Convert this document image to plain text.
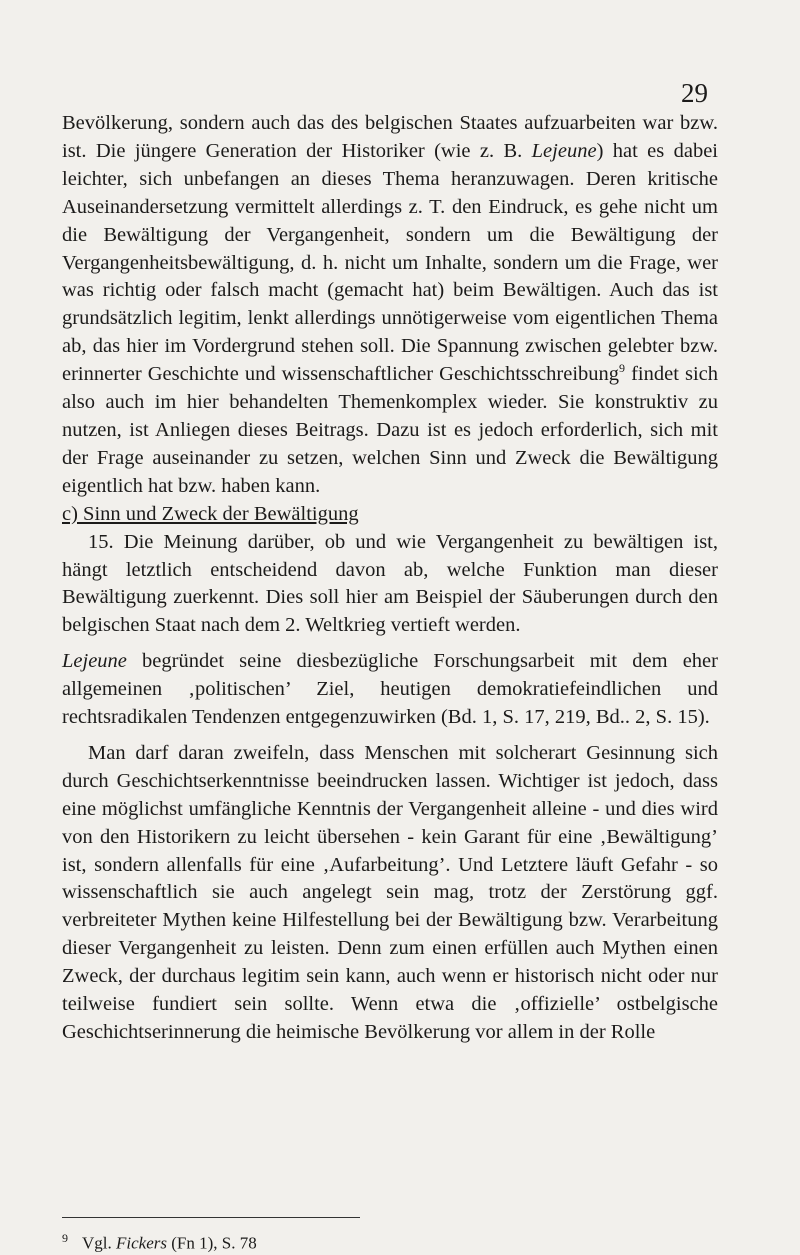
29

Bevölkerung, sondern auch das des belgischen Staates aufzuarbeiten war bzw. ist. Die jüngere Generation der Historiker (wie z. B. Lejeune) hat es dabei leichter, sich unbefangen an dieses Thema heranzuwagen. Deren kritische Auseinandersetzung vermittelt allerdings z. T. den Eindruck, es gehe nicht um die Bewältigung der Vergangenheit, sondern um die Bewältigung der Vergangenheitsbewältigung, d. h. nicht um Inhalte, sondern um die Frage, wer was richtig oder falsch macht (gemacht hat) beim Bewältigen. Auch das ist grundsätzlich legitim, lenkt allerdings unnötigerweise vom eigentlichen Thema ab, das hier im Vordergrund stehen soll. Die Spannung zwischen gelebter bzw. erinnerter Geschichte und wissenschaftlicher Geschichtsschreibung$^9$ findet sich also auch im hier behandelten Themenkomplex wieder. Sie konstruktiv zu nutzen, ist Anliegen dieses Beitrags. Dazu ist es jedoch erforderlich, sich mit der Frage auseinander zu setzen, welchen Sinn und Zweck die Bewältigung eigentlich hat bzw. haben kann.

c) Sinn und Zweck der Bewältigung

15. Die Meinung darüber, ob und wie Vergangenheit zu bewältigen ist, hängt letztlich entscheidend davon ab, welche Funktion man dieser Bewältigung zuerkennt. Dies soll hier am Beispiel der Säuberungen durch den belgischen Staat nach dem 2. Weltkrieg vertieft werden.

Lejeune begründet seine diesbezügliche Forschungsarbeit mit dem eher allgemeinen ‚politischen’ Ziel, heutigen demokratiefeindlichen und rechtsradikalen Tendenzen entgegenzuwirken (Bd. 1, S. 17, 219, Bd.. 2, S. 15).

Man darf daran zweifeln, dass Menschen mit solcherart Gesinnung sich durch Geschichtserkenntnisse beeindrucken lassen. Wichtiger ist jedoch, dass eine möglichst umfängliche Kenntnis der Vergangenheit alleine - und dies wird von den Historikern zu leicht übersehen - kein Garant für eine ‚Bewältigung’ ist, sondern allenfalls für eine ‚Aufarbeitung’. Und Letztere läuft Gefahr - so wissenschaftlich sie auch angelegt sein mag, trotz der Zerstörung ggf. verbreiteter Mythen keine Hilfestellung bei der Bewältigung bzw. Verarbeitung dieser Vergangenheit zu leisten. Denn zum einen erfüllen auch Mythen einen Zweck, der durchaus legitim sein kann, auch wenn er historisch nicht oder nur teilweise fundiert sein sollte. Wenn etwa die ‚offizielle’ ostbelgische Geschichtserinnerung die heimische Bevölkerung vor allem in der Rolle

$^9$ Vgl. Fickers (Fn 1), S. 78
